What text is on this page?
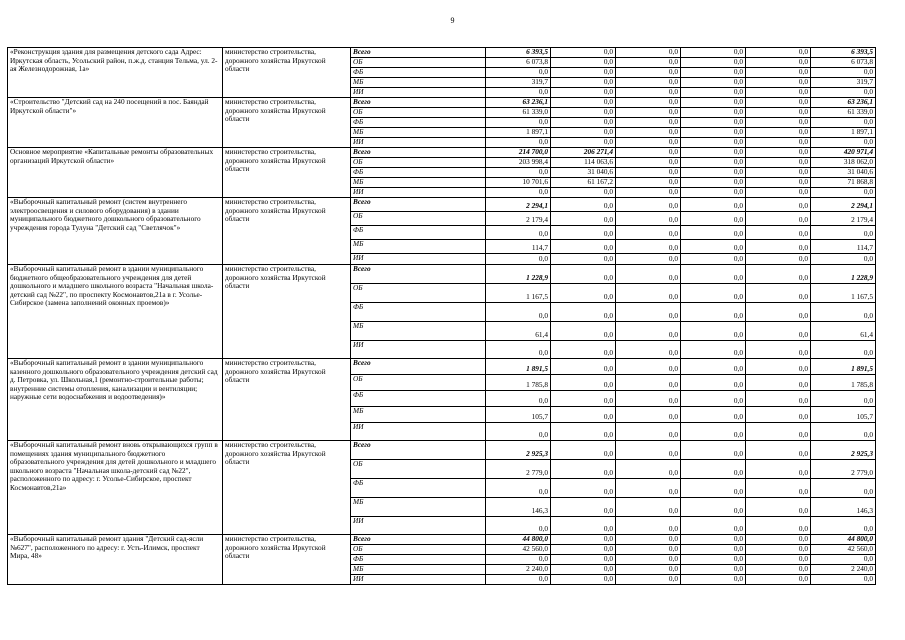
9
«Реконструкция здания для размещения детского сада Адрес: Иркутская область, Усольский район, п.ж.д. станция Тельма, ул. 2-ая Железнодорожная, 1а»	министерство строительства, дорожного хозяйства Иркутской области	Всего	6 393,5	0,0	0,0	0,0	0,0	6 393,5
		ОБ	6 073,8	0,0	0,0	0,0	0,0	6 073,8
		ФБ	0,0	0,0	0,0	0,0	0,0	0,0
		МБ	319,7	0,0	0,0	0,0	0,0	319,7
		ИИ	0,0	0,0	0,0	0,0	0,0	0,0
«Строительство "Детский сад на 240 посещений в пос. Баяндай Иркутской области"»	министерство строительства, дорожного хозяйства Иркутской области	Всего	63 236,1	0,0	0,0	0,0	0,0	63 236,1
		ОБ	61 339,0	0,0	0,0	0,0	0,0	61 339,0
		ФБ	0,0	0,0	0,0	0,0	0,0	0,0
		МБ	1 897,1	0,0	0,0	0,0	0,0	1 897,1
		ИИ	0,0	0,0	0,0	0,0	0,0	0,0
Основное мероприятие «Капитальные ремонты образовательных организаций Иркутской области»	министерство строительства, дорожного хозяйства Иркутской области	Всего	214 700,0	206 271,4	0,0	0,0	0,0	420 971,4
		ОБ	203 998,4	114 063,6	0,0	0,0	0,0	318 062,0
		ФБ	0,0	31 040,6	0,0	0,0	0,0	31 040,6
		МБ	10 701,6	61 167,2	0,0	0,0	0,0	71 868,8
		ИИ	0,0	0,0	0,0	0,0	0,0	0,0
«Выборочный капитальный ремонт (систем внутреннего электроосвещения и силового оборудования) в здании муниципального бюджетного дошкольного образовательного учреждения города Тулуна "Детский сад "Светлячок"»	министерство строительства, дорожного хозяйства Иркутской области	Всего	2 294,1	0,0	0,0	0,0	0,0	2 294,1
		ОБ	2 179,4	0,0	0,0	0,0	0,0	2 179,4
		ФБ	0,0	0,0	0,0	0,0	0,0	0,0
		МБ	114,7	0,0	0,0	0,0	0,0	114,7
		ИИ	0,0	0,0	0,0	0,0	0,0	0,0
«Выборочный капитальный ремонт в здании муниципального бюджетного общеобразовательного учреждения для детей дошкольного и младшего школьного возраста "Начальная школа-детский сад №22", по проспекту Космонавтов,21а в г. Усолье-Сибирское (замена заполнений оконных проемов)»	министерство строительства, дорожного хозяйства Иркутской области	Всего	1 228,9	0,0	0,0	0,0	0,0	1 228,9
		ОБ	1 167,5	0,0	0,0	0,0	0,0	1 167,5
		ФБ	0,0	0,0	0,0	0,0	0,0	0,0
		МБ	61,4	0,0	0,0	0,0	0,0	61,4
		ИИ	0,0	0,0	0,0	0,0	0,0	0,0
«Выборочный капитальный ремонт в здании муниципального казенного дошкольного образовательного учреждения детский сад д. Петровка, ул. Школьная,1 (ремонтно-строительные работы; внутренние системы отопления, канализации и вентиляции; наружные сети водоснабжения и водоотведения)»	министерство строительства, дорожного хозяйства Иркутской области	Всего	1 891,5	0,0	0,0	0,0	0,0	1 891,5
		ОБ	1 785,8	0,0	0,0	0,0	0,0	1 785,8
		ФБ	0,0	0,0	0,0	0,0	0,0	0,0
		МБ	105,7	0,0	0,0	0,0	0,0	105,7
		ИИ	0,0	0,0	0,0	0,0	0,0	0,0
«Выборочный капитальный ремонт вновь открывающихся групп в помещениях здания муниципального бюджетного образовательного учреждения для детей дошкольного и младшего школьного возраста "Начальная школа-детский сад №22", расположенного по адресу: г. Усолье-Сибирское, проспект Космонавтов,21а»	министерство строительства, дорожного хозяйства Иркутской области	Всего	2 925,3	0,0	0,0	0,0	0,0	2 925,3
		ОБ	2 779,0	0,0	0,0	0,0	0,0	2 779,0
		ФБ	0,0	0,0	0,0	0,0	0,0	0,0
		МБ	146,3	0,0	0,0	0,0	0,0	146,3
		ИИ	0,0	0,0	0,0	0,0	0,0	0,0
«Выборочный капитальный ремонт здания "Детский сад-ясли №627", расположенного по адресу: г. Усть-Илимск, проспект Мира, 48»	министерство строительства, дорожного хозяйства Иркутской области	Всего	44 800,0	0,0	0,0	0,0	0,0	44 800,0
		ОБ	42 560,0	0,0	0,0	0,0	0,0	42 560,0
		ФБ	0,0	0,0	0,0	0,0	0,0	0,0
		МБ	2 240,0	0,0	0,0	0,0	0,0	2 240,0
		ИИ	0,0	0,0	0,0	0,0	0,0	0,0
